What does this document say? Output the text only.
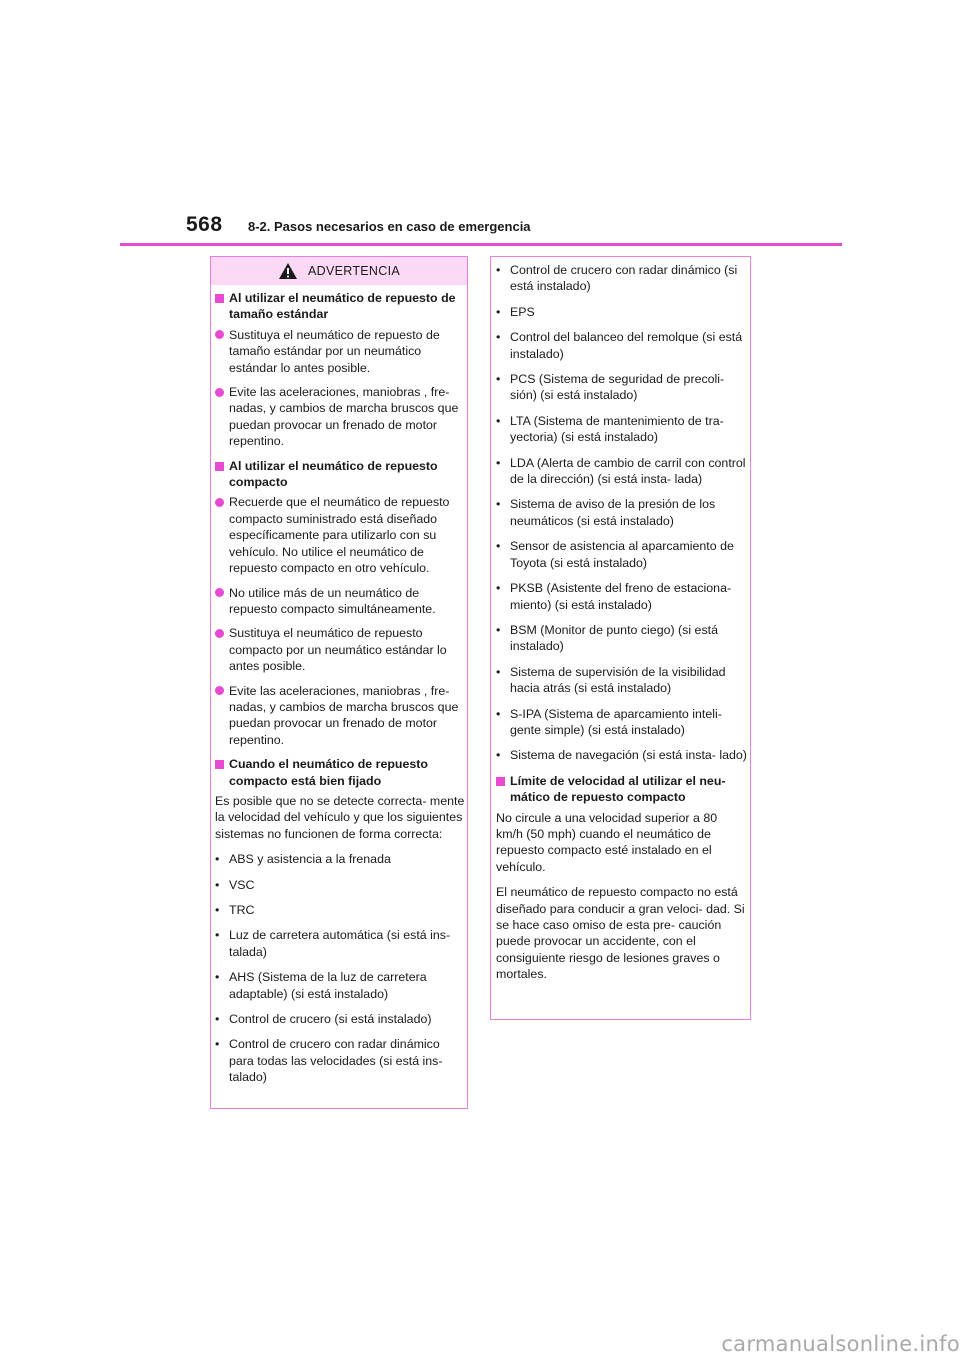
568 8-2. Pasos necesarios en caso de emergencia
ADVERTENCIA
Al utilizar el neumático de repuesto de tamaño estándar
Sustituya el neumático de repuesto de tamaño estándar por un neumático estándar lo antes posible.
Evite las aceleraciones, maniobras , fre- nadas, y cambios de marcha bruscos que puedan provocar un frenado de motor repentino.
Al utilizar el neumático de repuesto compacto
Recuerde que el neumático de repuesto compacto suministrado está diseñado específicamente para utilizarlo con su vehículo. No utilice el neumático de repuesto compacto en otro vehículo.
No utilice más de un neumático de repuesto compacto simultáneamente.
Sustituya el neumático de repuesto compacto por un neumático estándar lo antes posible.
Evite las aceleraciones, maniobras , fre- nadas, y cambios de marcha bruscos que puedan provocar un frenado de motor repentino.
Cuando el neumático de repuesto compacto está bien fijado
Es posible que no se detecte correcta- mente la velocidad del vehículo y que los siguientes sistemas no funcionen de forma correcta:
• ABS y asistencia a la frenada
• VSC
• TRC
• Luz de carretera automática (si está ins- talada)
• AHS (Sistema de la luz de carretera adaptable) (si está instalado)
• Control de crucero (si está instalado)
• Control de crucero con radar dinámico para todas las velocidades (si está ins- talado)
• Control de crucero con radar dinámico (si está instalado)
• EPS
• Control del balanceo del remolque (si está instalado)
• PCS (Sistema de seguridad de precoli- sión) (si está instalado)
• LTA (Sistema de mantenimiento de tra- yectoria) (si está instalado)
• LDA (Alerta de cambio de carril con control de la dirección) (si está insta- lada)
• Sistema de aviso de la presión de los neumáticos (si está instalado)
• Sensor de asistencia al aparcamiento de Toyota (si está instalado)
• PKSB (Asistente del freno de estaciona- miento) (si está instalado)
• BSM (Monitor de punto ciego) (si está instalado)
• Sistema de supervisión de la visibilidad hacia atrás (si está instalado)
• S-IPA (Sistema de aparcamiento inteli- gente simple) (si está instalado)
• Sistema de navegación (si está insta- lado)
Límite de velocidad al utilizar el neu- mático de repuesto compacto
No circule a una velocidad superior a 80 km/h (50 mph) cuando el neumático de repuesto compacto esté instalado en el vehículo.
El neumático de repuesto compacto no está diseñado para conducir a gran veloci- dad. Si se hace caso omiso de esta pre- caución puede provocar un accidente, con el consiguiente riesgo de lesiones graves o mortales.
carmanualsonline.info
